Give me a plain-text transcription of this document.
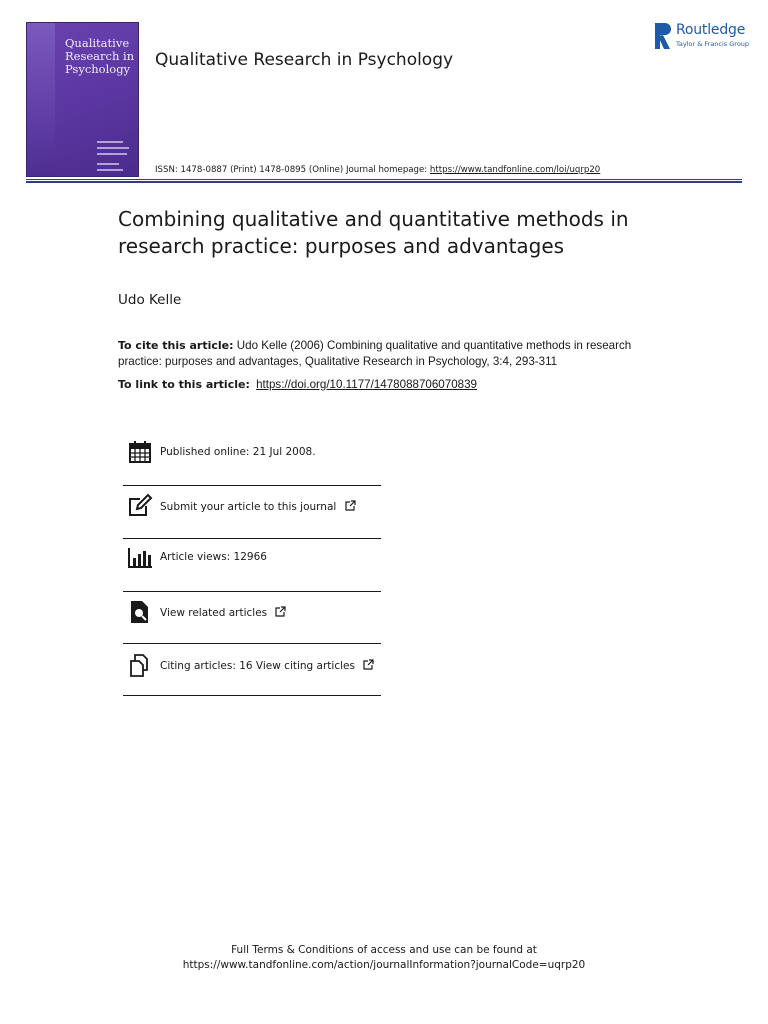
Qualitative Research in Psychology	Qualitative Research in Psychology
Routledge
Taylor & Francis Group
ISSN: 1478-0887 (Print) 1478-0895 (Online) Journal homepage: https://www.tandfonline.com/loi/uqrp20
Combining qualitative and quantitative methods in research practice: purposes and advantages
Udo Kelle
To cite this article: Udo Kelle (2006) Combining qualitative and quantitative methods in research practice: purposes and advantages, Qualitative Research in Psychology, 3:4, 293-311
To link to this article: https://doi.org/10.1177/1478088706070839
Published online: 21 Jul 2008.
Submit your article to this journal
Article views: 12966
View related articles
Citing articles: 16 View citing articles
Full Terms & Conditions of access and use can be found at
https://www.tandfonline.com/action/journalInformation?journalCode=uqrp20
